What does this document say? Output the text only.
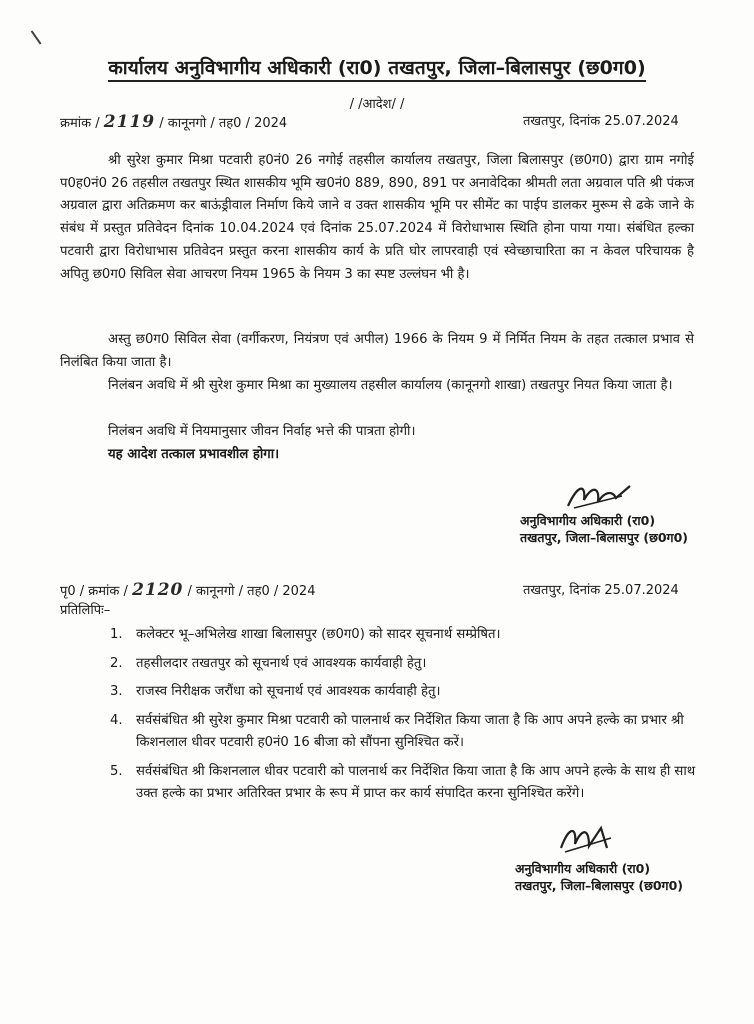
कार्यालय अनुविभागीय अधिकारी (रा0) तखतपुर, जिला–बिलासपुर (छ0ग0)
/ /आदेश/ /
क्रमांक / 2119 / कानूनगो / तह0 / 2024	तखतपुर, दिनांक 25.07.2024
श्री सुरेश कुमार मिश्रा पटवारी ह0नं0 26 नगोई तहसील कार्यालय तखतपुर, जिला बिलासपुर (छ0ग0) द्वारा ग्राम नगोई प0ह0नं0 26 तहसील तखतपुर स्थित शासकीय भूमि ख0नं0 889, 890, 891 पर अनावेदिका श्रीमती लता अग्रवाल पति श्री पंकज अग्रवाल द्वारा अतिक्रमण कर बाऊंड्रीवाल निर्माण किये जाने व उक्त शासकीय भूमि पर सीमेंट का पाईप डालकर मुरूम से ढके जाने के संबंध में प्रस्तुत प्रतिवेदन दिनांक 10.04.2024 एवं दिनांक 25.07.2024 में विरोधाभास स्थिति होना पाया गया। संबंधित हल्का पटवारी द्वारा विरोधाभास प्रतिवेदन प्रस्तुत करना शासकीय कार्य के प्रति घोर लापरवाही एवं स्वेच्छाचारिता का न केवल परिचायक है अपितु छ0ग0 सिविल सेवा आचरण नियम 1965 के नियम 3 का स्पष्ट उल्लंघन भी है।
अस्तु छ0ग0 सिविल सेवा (वर्गीकरण, नियंत्रण एवं अपील) 1966 के नियम 9 में निर्मित नियम के तहत तत्काल प्रभाव से निलंबित किया जाता है।
निलंबन अवधि में श्री सुरेश कुमार मिश्रा का मुख्यालय तहसील कार्यालय (कानूनगो शाखा) तखतपुर नियत किया जाता है।
निलंबन अवधि में नियमानुसार जीवन निर्वाह भत्ते की पात्रता होगी।
यह आदेश तत्काल प्रभावशील होगा।
अनुविभागीय अधिकारी (रा0)
तखतपुर, जिला–बिलासपुर (छ0ग0)
पृ0 / क्रमांक / 2120 / कानूनगो / तह0 / 2024	तखतपुर, दिनांक 25.07.2024
प्रतिलिपिः–
1. कलेक्टर भू–अभिलेख शाखा बिलासपुर (छ0ग0) को सादर सूचनार्थ सम्प्रेषित।
2. तहसीलदार तखतपुर को सूचनार्थ एवं आवश्यक कार्यवाही हेतु।
3. राजस्व निरीक्षक जरौंधा को सूचनार्थ एवं आवश्यक कार्यवाही हेतु।
4. सर्वसंबंधित श्री सुरेश कुमार मिश्रा पटवारी को पालनार्थ कर निर्देशित किया जाता है कि आप अपने हल्के का प्रभार श्री किशनलाल धीवर पटवारी ह0नं0 16 बीजा को सौंपना सुनिश्चित करें।
5. सर्वसंबंधित श्री किशनलाल धीवर पटवारी को पालनार्थ कर निर्देशित किया जाता है कि आप अपने हल्के के साथ ही साथ उक्त हल्के का प्रभार अतिरिक्त प्रभार के रूप में प्राप्त कर कार्य संपादित करना सुनिश्चित करेंगे।
अनुविभागीय अधिकारी (रा0)
तखतपुर, जिला–बिलासपुर (छ0ग0)
